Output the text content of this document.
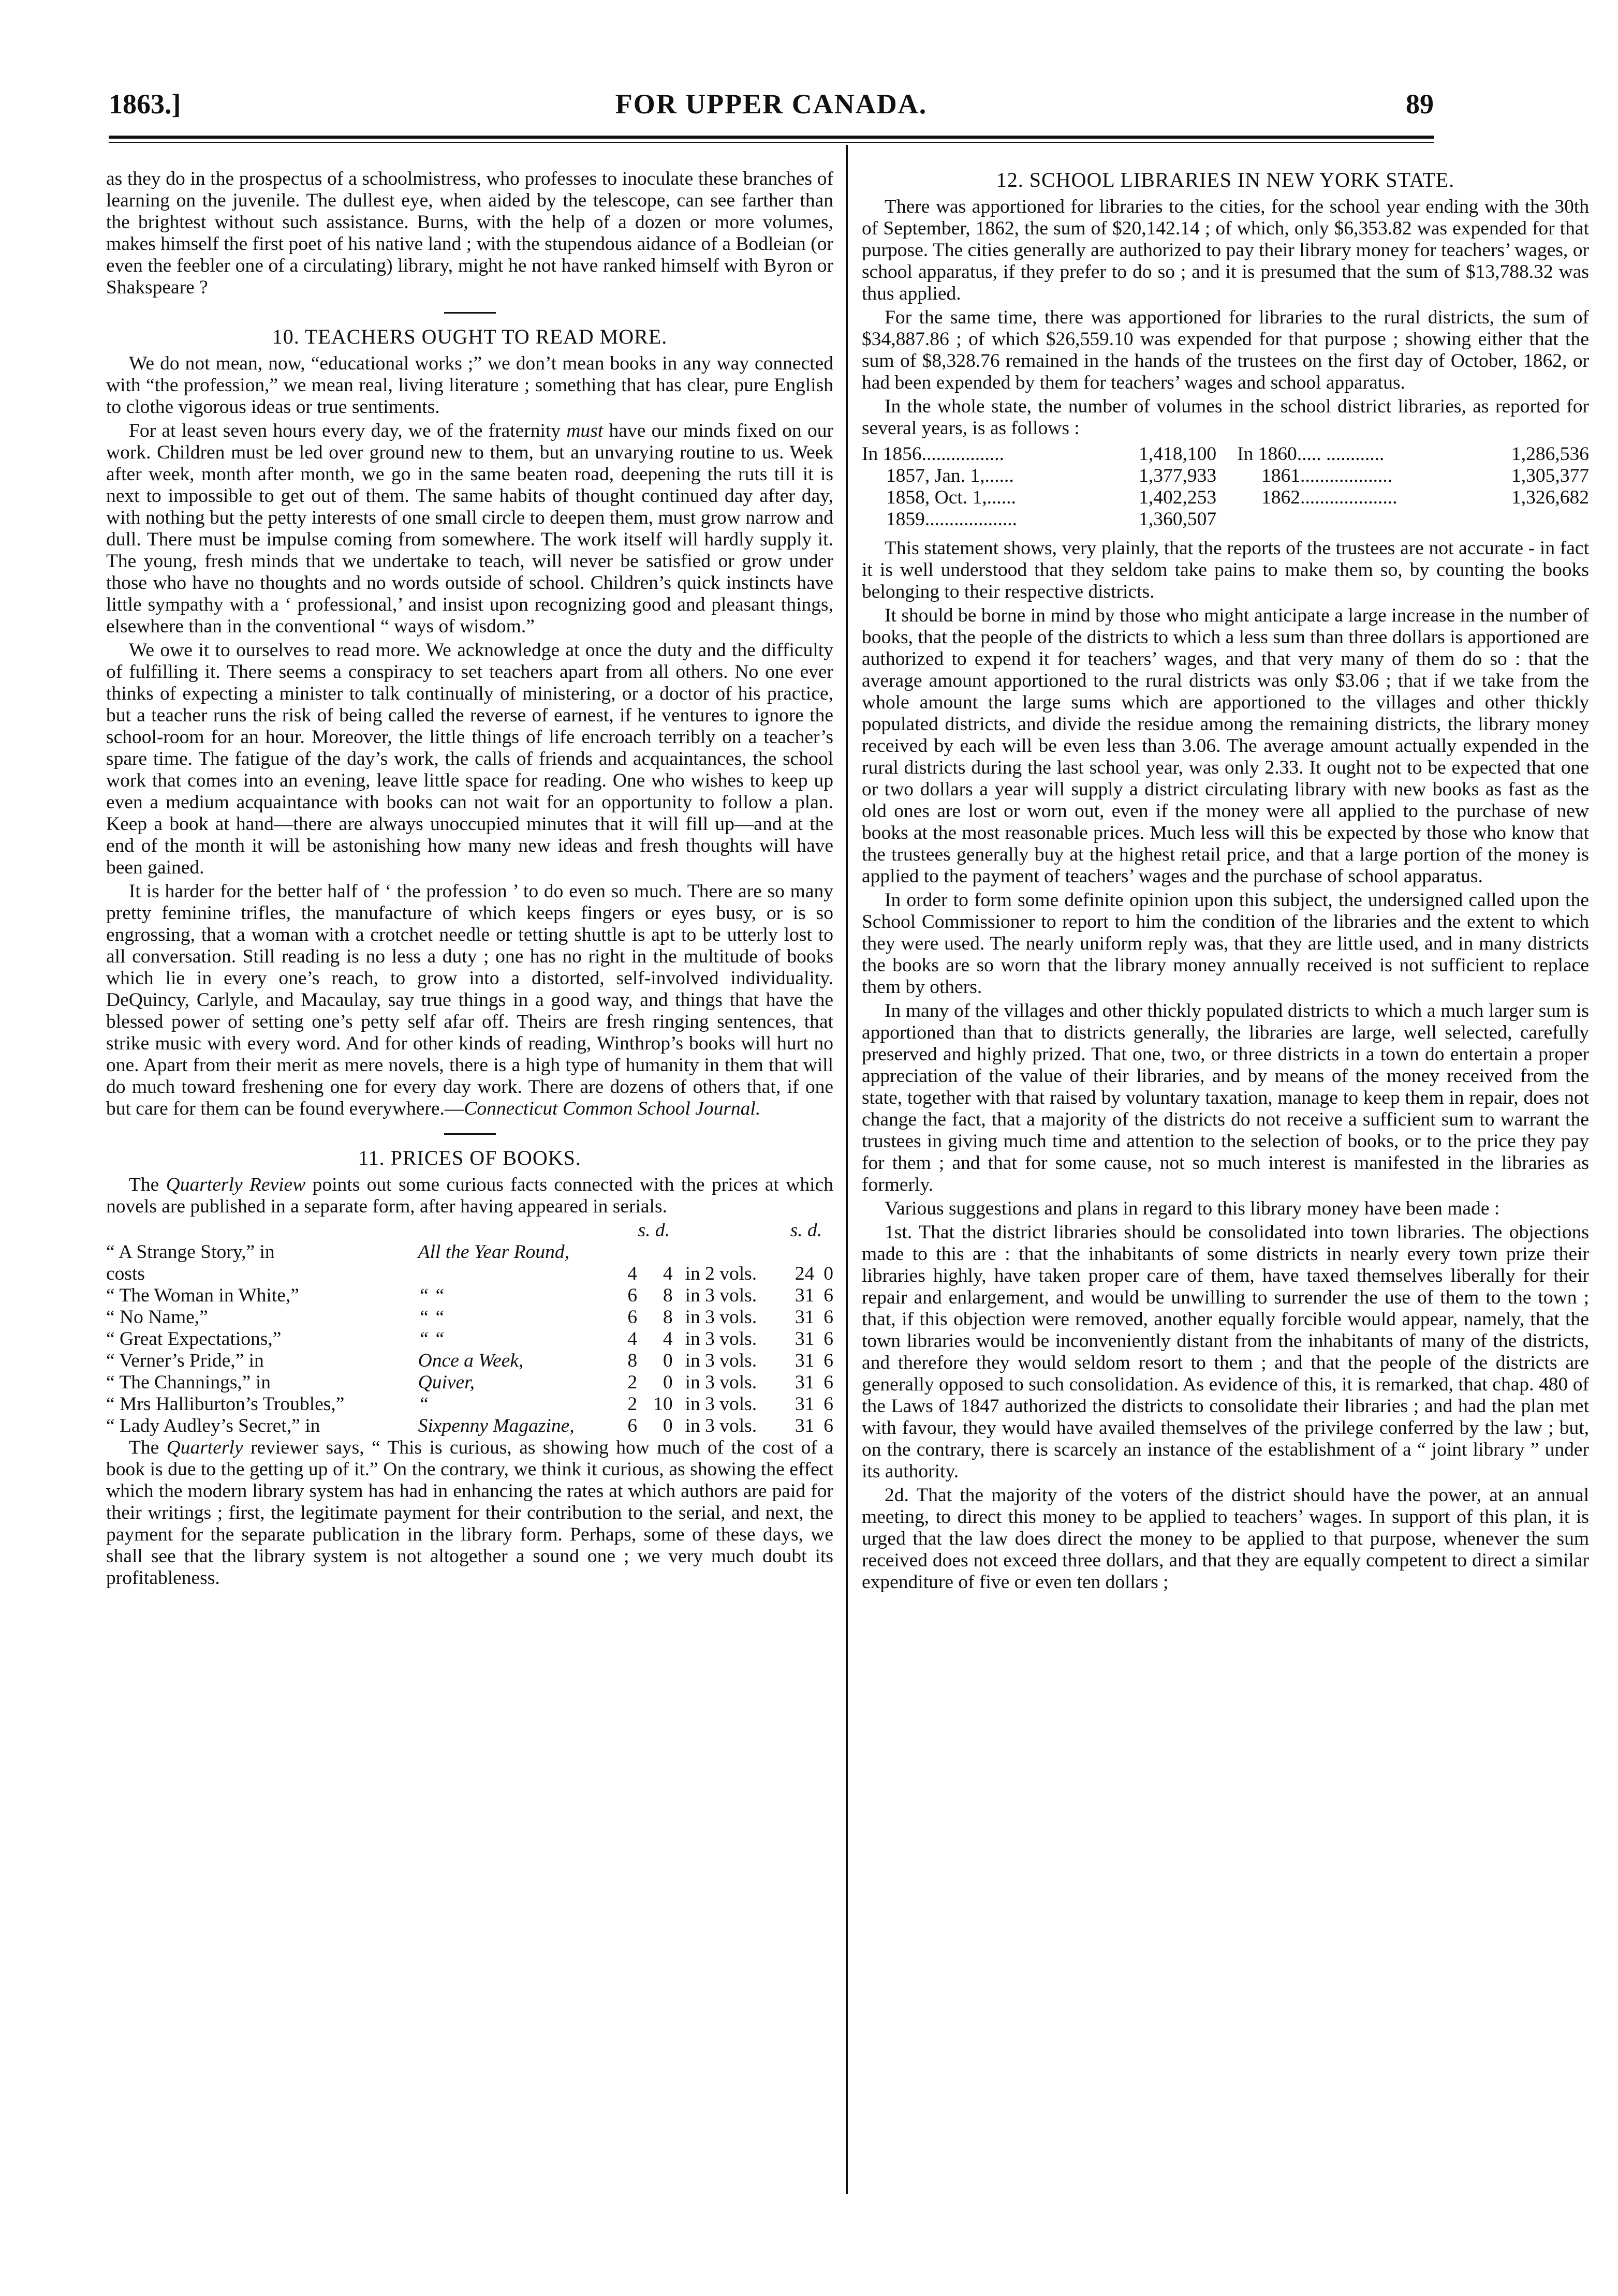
1863.]	FOR UPPER CANADA.	89

as they do in the prospectus of a schoolmistress, who professes to inoculate these branches of learning on the juvenile. The dullest eye, when aided by the telescope, can see farther than the brightest without such assistance. Burns, with the help of a dozen or more volumes, makes himself the first poet of his native land ; with the stupendous aidance of a Bodleian (or even the feebler one of a circulating) library, might he not have ranked himself with Byron or Shakspeare ?

10. TEACHERS OUGHT TO READ MORE.

We do not mean, now, “educational works ;” we don’t mean books in any way connected with “the profession,” we mean real, living literature ; something that has clear, pure English to clothe vigorous ideas or true sentiments.

For at least seven hours every day, we of the fraternity must have our minds fixed on our work. Children must be led over ground new to them, but an unvarying routine to us. Week after week, month after month, we go in the same beaten road, deepening the ruts till it is next to impossible to get out of them. The same habits of thought continued day after day, with nothing but the petty interests of one small circle to deepen them, must grow narrow and dull. There must be impulse coming from somewhere. The work itself will hardly supply it. The young, fresh minds that we undertake to teach, will never be satisfied or grow under those who have no thoughts and no words outside of school. Children’s quick instincts have little sympathy with a ‘ professional,’ and insist upon recognizing good and pleasant things, elsewhere than in the conventional “ ways of wisdom.”

We owe it to ourselves to read more. We acknowledge at once the duty and the difficulty of fulfilling it. There seems a conspiracy to set teachers apart from all others. No one ever thinks of expecting a minister to talk continually of ministering, or a doctor of his practice, but a teacher runs the risk of being called the reverse of earnest, if he ventures to ignore the school-room for an hour. Moreover, the little things of life encroach terribly on a teacher’s spare time. The fatigue of the day’s work, the calls of friends and acquaintances, the school work that comes into an evening, leave little space for reading. One who wishes to keep up even a medium acquaintance with books can not wait for an opportunity to follow a plan. Keep a book at hand—there are always unoccupied minutes that it will fill up—and at the end of the month it will be astonishing how many new ideas and fresh thoughts will have been gained.

It is harder for the better half of ‘ the profession ’ to do even so much. There are so many pretty feminine trifles, the manufacture of which keeps fingers or eyes busy, or is so engrossing, that a woman with a crotchet needle or tetting shuttle is apt to be utterly lost to all conversation. Still reading is no less a duty ; one has no right in the multitude of books which lie in every one’s reach, to grow into a distorted, self-involved individuality. DeQuincy, Carlyle, and Macaulay, say true things in a good way, and things that have the blessed power of setting one’s petty self afar off. Theirs are fresh ringing sentences, that strike music with every word. And for other kinds of reading, Winthrop’s books will hurt no one. Apart from their merit as mere novels, there is a high type of humanity in them that will do much toward freshening one for every day work. There are dozens of others that, if one but care for them can be found everywhere.—Connecticut Common School Journal.

11. PRICES OF BOOKS.

The Quarterly Review points out some curious facts connected with the prices at which novels are published in a separate form, after having appeared in serials.

		s. d.			s. d.	
“ A Strange Story,” in	All the Year Round,					
costs		4	4	in 2 vols.	24	0
“ The Woman in White,”	“ “	6	8	in 3 vols.	31	6
“ No Name,”	“ “	6	8	in 3 vols.	31	6
“ Great Expectations,”	“ “	4	4	in 3 vols.	31	6
“ Verner’s Pride,” in	Once a Week,	8	0	in 3 vols.	31	6
“ The Channings,” in	Quiver,	2	0	in 3 vols.	31	6
“ Mrs Halliburton’s Troubles,”	“	2	10	in 3 vols.	31	6
“ Lady Audley’s Secret,” in	Sixpenny Magazine,	6	0	in 3 vols.	31	6

The Quarterly reviewer says, “ This is curious, as showing how much of the cost of a book is due to the getting up of it.” On the contrary, we think it curious, as showing the effect which the modern library system has had in enhancing the rates at which authors are paid for their writings ; first, the legitimate payment for their contribution to the serial, and next, the payment for the separate publication in the library form. Perhaps, some of these days, we shall see that the library system is not altogether a sound one ; we very much doubt its profitableness.

12. SCHOOL LIBRARIES IN NEW YORK STATE.

There was apportioned for libraries to the cities, for the school year ending with the 30th of September, 1862, the sum of $20,142.14 ; of which, only $6,353.82 was expended for that purpose. The cities generally are authorized to pay their library money for teachers’ wages, or school apparatus, if they prefer to do so ; and it is presumed that the sum of $13,788.32 was thus applied.

For the same time, there was apportioned for libraries to the rural districts, the sum of $34,887.86 ; of which $26,559.10 was expended for that purpose ; showing either that the sum of $8,328.76 remained in the hands of the trustees on the first day of October, 1862, or had been expended by them for teachers’ wages and school apparatus.

In the whole state, the number of volumes in the school district libraries, as reported for several years, is as follows :

In 1856.................	1,418,100	In 1860..... ............	1,286,536
1857, Jan. 1,......	1,377,933	1861...................	1,305,377
1858, Oct. 1,......	1,402,253	1862....................	1,326,682
1859...................	1,360,507		

This statement shows, very plainly, that the reports of the trustees are not accurate - in fact it is well understood that they seldom take pains to make them so, by counting the books belonging to their respective districts.

It should be borne in mind by those who might anticipate a large increase in the number of books, that the people of the districts to which a less sum than three dollars is apportioned are authorized to expend it for teachers’ wages, and that very many of them do so : that the average amount apportioned to the rural districts was only $3.06 ; that if we take from the whole amount the large sums which are apportioned to the villages and other thickly populated districts, and divide the residue among the remaining districts, the library money received by each will be even less than 3.06. The average amount actually expended in the rural districts during the last school year, was only 2.33. It ought not to be expected that one or two dollars a year will supply a district circulating library with new books as fast as the old ones are lost or worn out, even if the money were all applied to the purchase of new books at the most reasonable prices. Much less will this be expected by those who know that the trustees generally buy at the highest retail price, and that a large portion of the money is applied to the payment of teachers’ wages and the purchase of school apparatus.

In order to form some definite opinion upon this subject, the undersigned called upon the School Commissioner to report to him the condition of the libraries and the extent to which they were used. The nearly uniform reply was, that they are little used, and in many districts the books are so worn that the library money annually received is not sufficient to replace them by others.

In many of the villages and other thickly populated districts to which a much larger sum is apportioned than that to districts generally, the libraries are large, well selected, carefully preserved and highly prized. That one, two, or three districts in a town do entertain a proper appreciation of the value of their libraries, and by means of the money received from the state, together with that raised by voluntary taxation, manage to keep them in repair, does not change the fact, that a majority of the districts do not receive a sufficient sum to warrant the trustees in giving much time and attention to the selection of books, or to the price they pay for them ; and that for some cause, not so much interest is manifested in the libraries as formerly.

Various suggestions and plans in regard to this library money have been made :

1st. That the district libraries should be consolidated into town libraries. The objections made to this are : that the inhabitants of some districts in nearly every town prize their libraries highly, have taken proper care of them, have taxed themselves liberally for their repair and enlargement, and would be unwilling to surrender the use of them to the town ; that, if this objection were removed, another equally forcible would appear, namely, that the town libraries would be inconveniently distant from the inhabitants of many of the districts, and therefore they would seldom resort to them ; and that the people of the districts are generally opposed to such consolidation. As evidence of this, it is remarked, that chap. 480 of the Laws of 1847 authorized the districts to consolidate their libraries ; and had the plan met with favour, they would have availed themselves of the privilege conferred by the law ; but, on the contrary, there is scarcely an instance of the establishment of a “ joint library ” under its authority.

2d. That the majority of the voters of the district should have the power, at an annual meeting, to direct this money to be applied to teachers’ wages. In support of this plan, it is urged that the law does direct the money to be applied to that purpose, whenever the sum received does not exceed three dollars, and that they are equally competent to direct a similar expenditure of five or even ten dollars ;
